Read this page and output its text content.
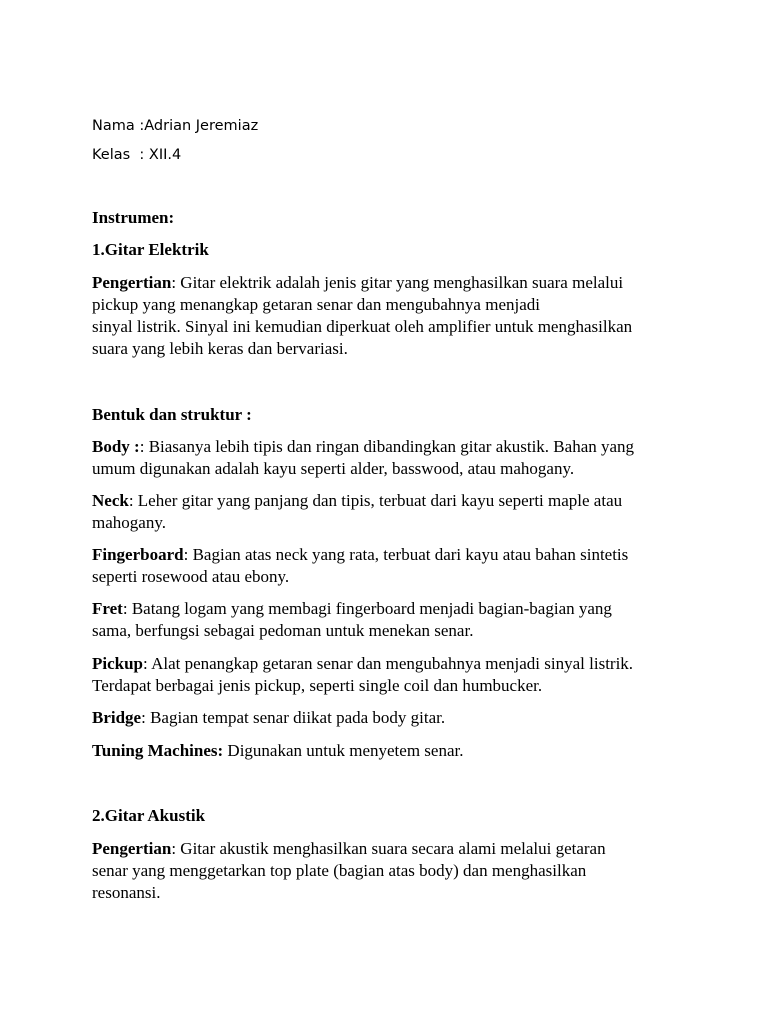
Nama :Adrian Jeremiaz
Kelas  : XII.4
Instrumen:
1.Gitar Elektrik
Pengertian: Gitar elektrik adalah jenis gitar yang menghasilkan suara melalui
pickup yang menangkap getaran senar dan mengubahnya menjadi
sinyal listrik. Sinyal ini kemudian diperkuat oleh amplifier untuk menghasilkan
suara yang lebih keras dan bervariasi.
Bentuk dan struktur :
Body :: Biasanya lebih tipis dan ringan dibandingkan gitar akustik. Bahan yang
umum digunakan adalah kayu seperti alder, basswood, atau mahogany.
Neck: Leher gitar yang panjang dan tipis, terbuat dari kayu seperti maple atau
mahogany.
Fingerboard: Bagian atas neck yang rata, terbuat dari kayu atau bahan sintetis
seperti rosewood atau ebony.
Fret: Batang logam yang membagi fingerboard menjadi bagian-bagian yang
sama, berfungsi sebagai pedoman untuk menekan senar.
Pickup: Alat penangkap getaran senar dan mengubahnya menjadi sinyal listrik.
Terdapat berbagai jenis pickup, seperti single coil dan humbucker.
Bridge: Bagian tempat senar diikat pada body gitar.
Tuning Machines: Digunakan untuk menyetem senar.
2.Gitar Akustik
Pengertian: Gitar akustik menghasilkan suara secara alami melalui getaran
senar yang menggetarkan top plate (bagian atas body) dan menghasilkan
resonansi.
